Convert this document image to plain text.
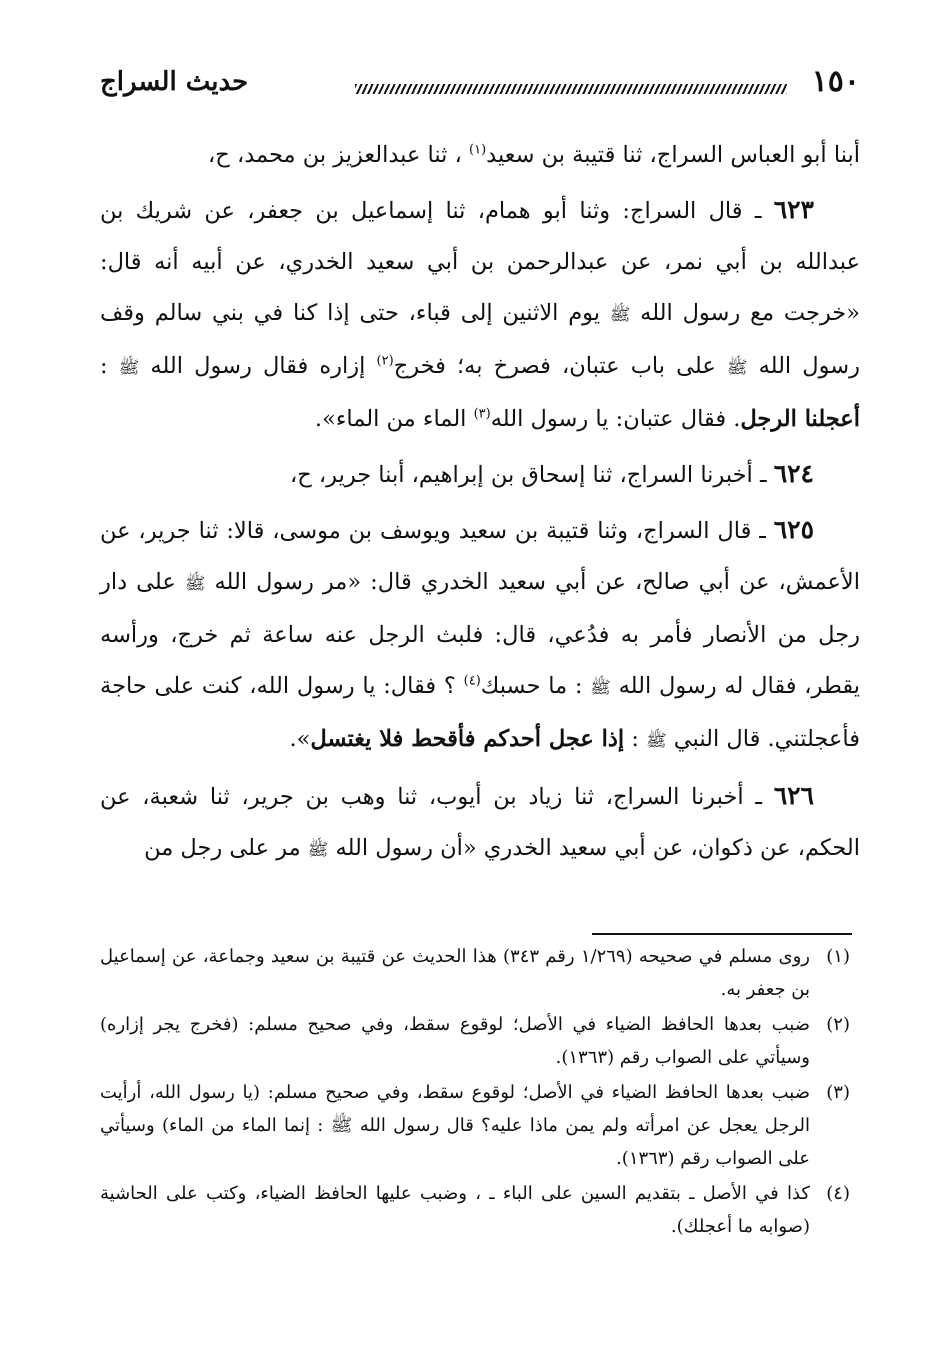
١٥٠
حديث السراج

أبنا أبو العباس السراج، ثنا قتيبة بن سعيد$^{(١)}$ ، ثنا عبدالعزيز بن محمد، ح،

٦٢٣ ـ قال السراج: وثنا أبو همام، ثنا إسماعيل بن جعفر، عن شريك بن عبدالله بن أبي نمر، عن عبدالرحمن بن أبي سعيد الخدري، عن أبيه أنه قال: «خرجت مع رسول الله ﷺ يوم الاثنين إلى قباء، حتى إذا كنا في بني سالم وقف رسول الله ﷺ على باب عتبان، فصرخ به؛ فخرج$^{(٢)}$ إزاره فقال رسول الله ﷺ : أعجلنا الرجل. فقال عتبان: يا رسول الله$^{(٣)}$ الماء من الماء».

٦٢٤ ـ أخبرنا السراج، ثنا إسحاق بن إبراهيم، أبنا جرير، ح،

٦٢٥ ـ قال السراج، وثنا قتيبة بن سعيد ويوسف بن موسى، قالا: ثنا جرير، عن الأعمش، عن أبي صالح، عن أبي سعيد الخدري قال: «مر رسول الله ﷺ على دار رجل من الأنصار فأمر به فدُعي، قال: فلبث الرجل عنه ساعة ثم خرج، ورأسه يقطر، فقال له رسول الله ﷺ : ما حسبك$^{(٤)}$ ؟ فقال: يا رسول الله، كنت على حاجة فأعجلتني. قال النبي ﷺ : إذا عجل أحدكم فأقحط فلا يغتسل».

٦٢٦ ـ أخبرنا السراج، ثنا زياد بن أيوب، ثنا وهب بن جرير، ثنا شعبة، عن الحكم، عن ذكوان، عن أبي سعيد الخدري «أن رسول الله ﷺ مر على رجل من

(١)روى مسلم في صحيحه (١/٢٦٩ رقم ٣٤٣) هذا الحديث عن قتيبة بن سعيد وجماعة، عن إسماعيل بن جعفر به.

(٢)ضبب بعدها الحافظ الضياء في الأصل؛ لوقوع سقط، وفي صحيح مسلم: (فخرج يجر إزاره) وسيأتي على الصواب رقم (١٣٦٣).

(٣)ضبب بعدها الحافظ الضياء في الأصل؛ لوقوع سقط، وفي صحيح مسلم: (يا رسول الله، أرأيت الرجل يعجل عن امرأته ولم يمن ماذا عليه؟ قال رسول الله ﷺ : إنما الماء من الماء) وسيأتي على الصواب رقم (١٣٦٣).

(٤)كذا في الأصل ـ بتقديم السين على الباء ـ ، وضبب عليها الحافظ الضياء، وكتب على الحاشية (صوابه ما أعجلك).
